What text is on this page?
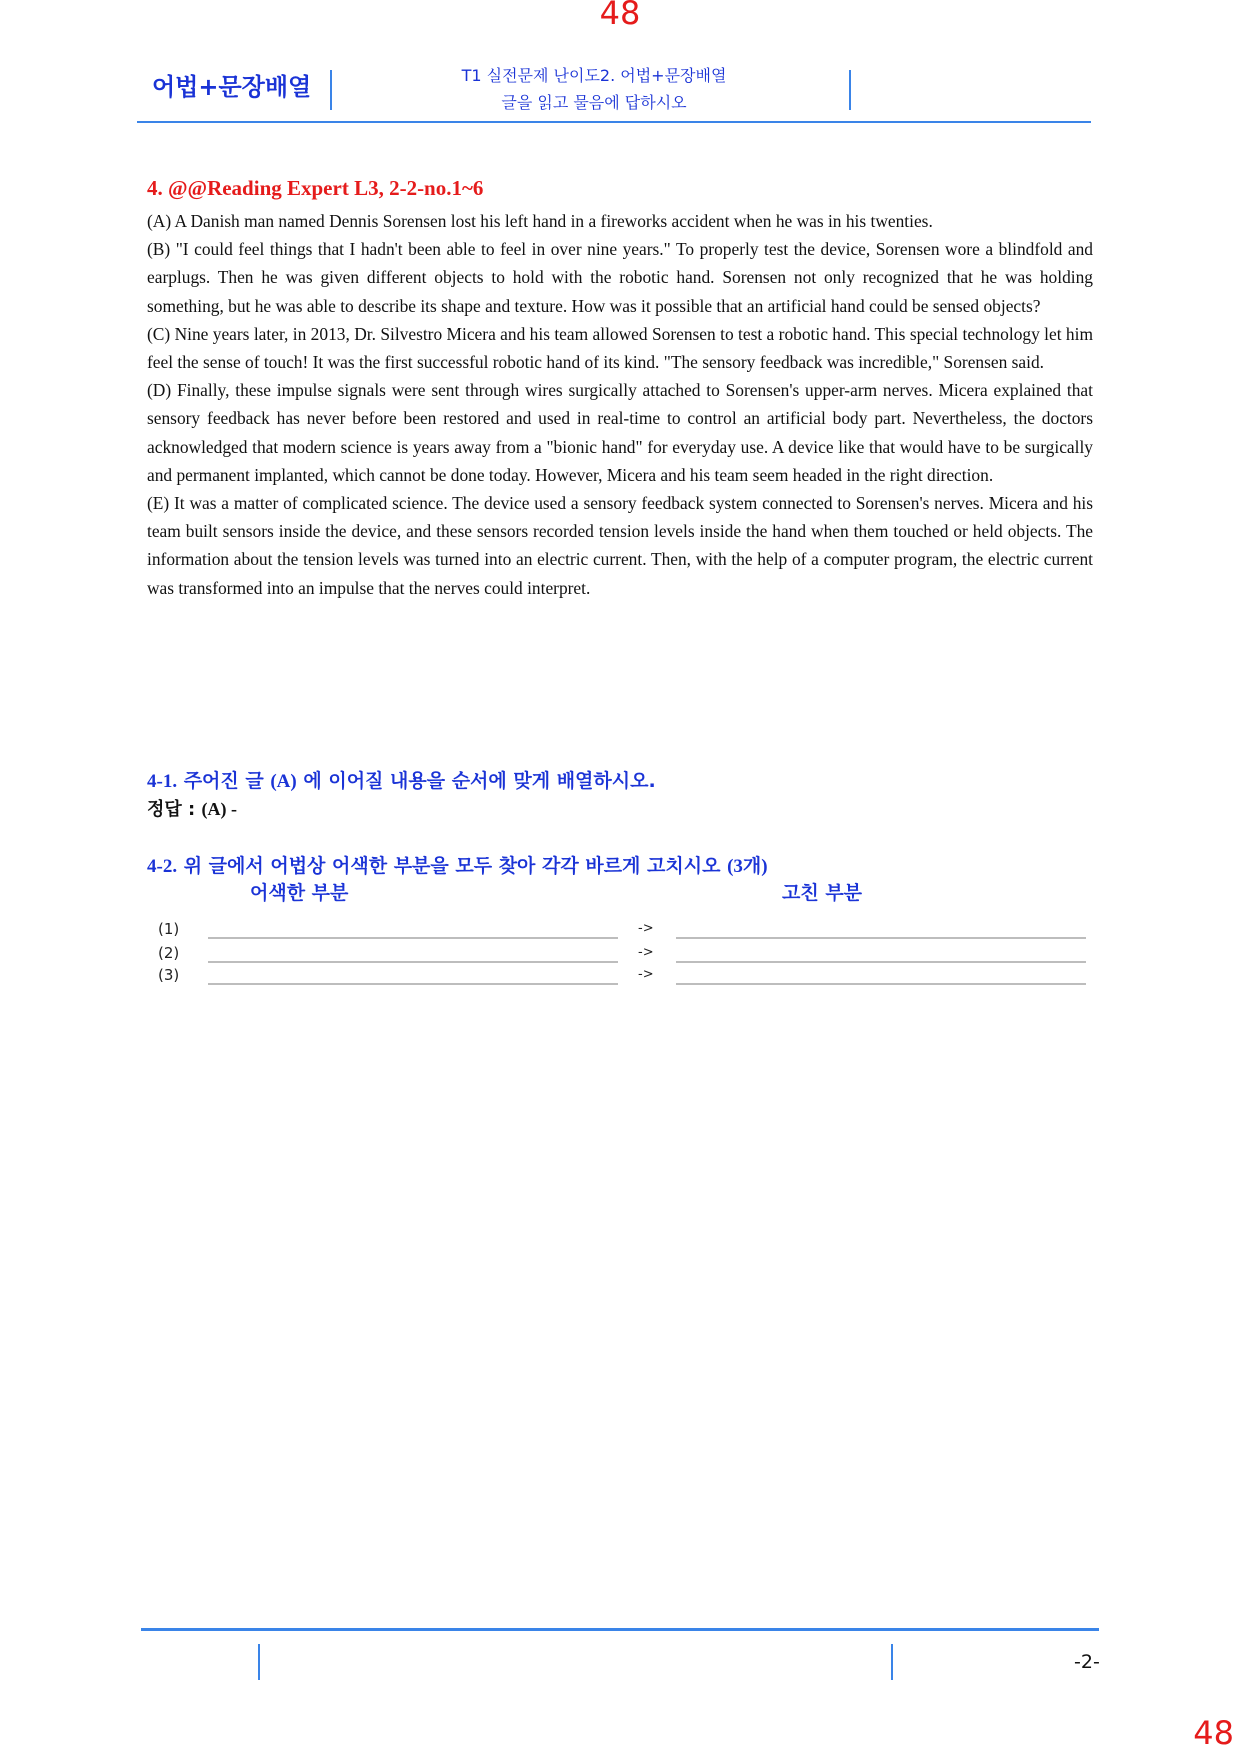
48
어법+문장배열	T1 실전문제 난이도2. 어법+문장배열
글을 읽고 물음에 답하시오
4. @@Reading Expert L3, 2-2-no.1~6

(A) A Danish man named Dennis Sorensen lost his left hand in a fireworks accident when he was in his twenties.

(B) "I could feel things that I hadn't been able to feel in over nine years." To properly test the device, Sorensen wore a blindfold and earplugs. Then he was given different objects to hold with the robotic hand. Sorensen not only recognized that he was holding something, but he was able to describe its shape and texture. How was it possible that an artificial hand could be sensed objects?

(C) Nine years later, in 2013, Dr. Silvestro Micera and his team allowed Sorensen to test a robotic hand. This special technology let him feel the sense of touch! It was the first successful robotic hand of its kind. "The sensory feedback was incredible," Sorensen said.

(D) Finally, these impulse signals were sent through wires surgically attached to Sorensen's upper-arm nerves. Micera explained that sensory feedback has never before been restored and used in real-time to control an artificial body part. Nevertheless, the doctors acknowledged that modern science is years away from a "bionic hand" for everyday use. A device like that would have to be surgically and permanent implanted, which cannot be done today. However, Micera and his team seem headed in the right direction.

(E) It was a matter of complicated science. The device used a sensory feedback system connected to Sorensen's nerves. Micera and his team built sensors inside the device, and these sensors recorded tension levels inside the hand when them touched or held objects. The information about the tension levels was turned into an electric current. Then, with the help of a computer program, the electric current was transformed into an impulse that the nerves could interpret.

4-1. 주어진 글 (A) 에 이어질 내용을 순서에 맞게 배열하시오.
정답 : (A) -
4-2. 위 글에서 어법상 어색한 부분을 모두 찾아 각각 바르게 고치시오 (3개)
어색한 부분	고친 부분
(1)	->
(2)	->
(3)	->
-2-
48
